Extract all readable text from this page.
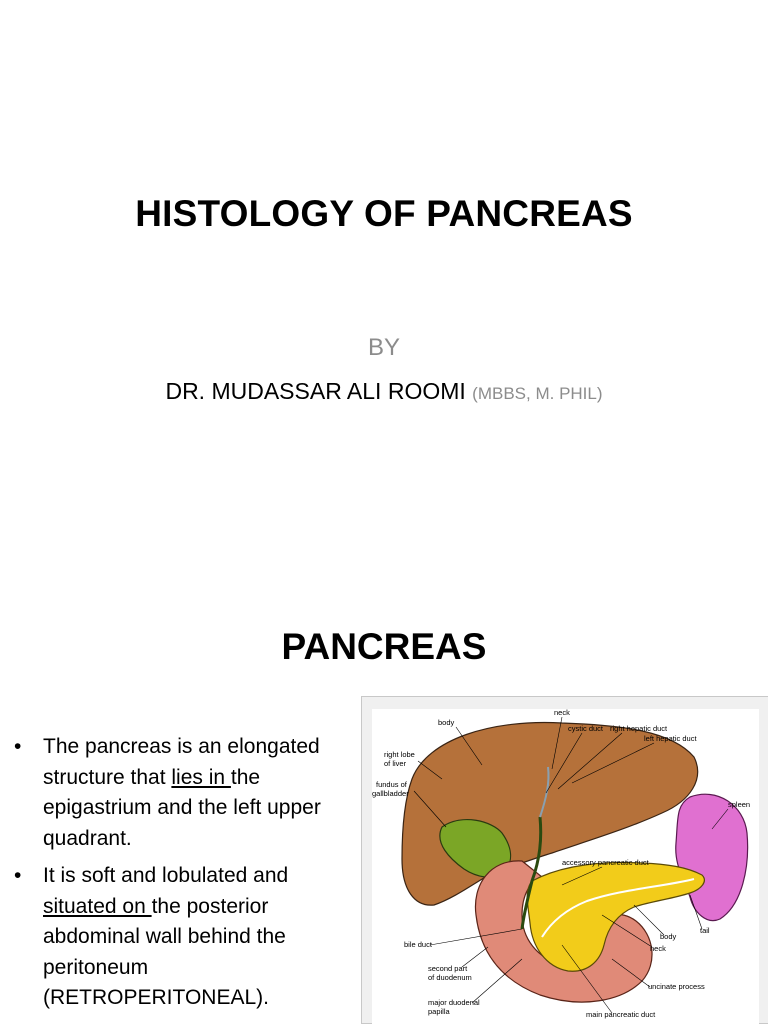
HISTOLOGY OF PANCREAS
BY
DR. MUDASSAR ALI ROOMI (MBBS, M. PHIL)
PANCREAS
• The pancreas is an elongated structure that lies in the epigastrium and the left upper quadrant.
• It is soft and lobulated and situated on the posterior abdominal wall behind the peritoneum (RETROPERITONEAL).
neck
body
cystic duct right hepatic duct
left hepatic duct
right lobe
of liver
fundus of
gallbladder
spleen
accessory pancreatic duct
tail
body
neck
bile duct
second part
of duodenum
uncinate process
major duodenal
papilla	main pancreatic duct
